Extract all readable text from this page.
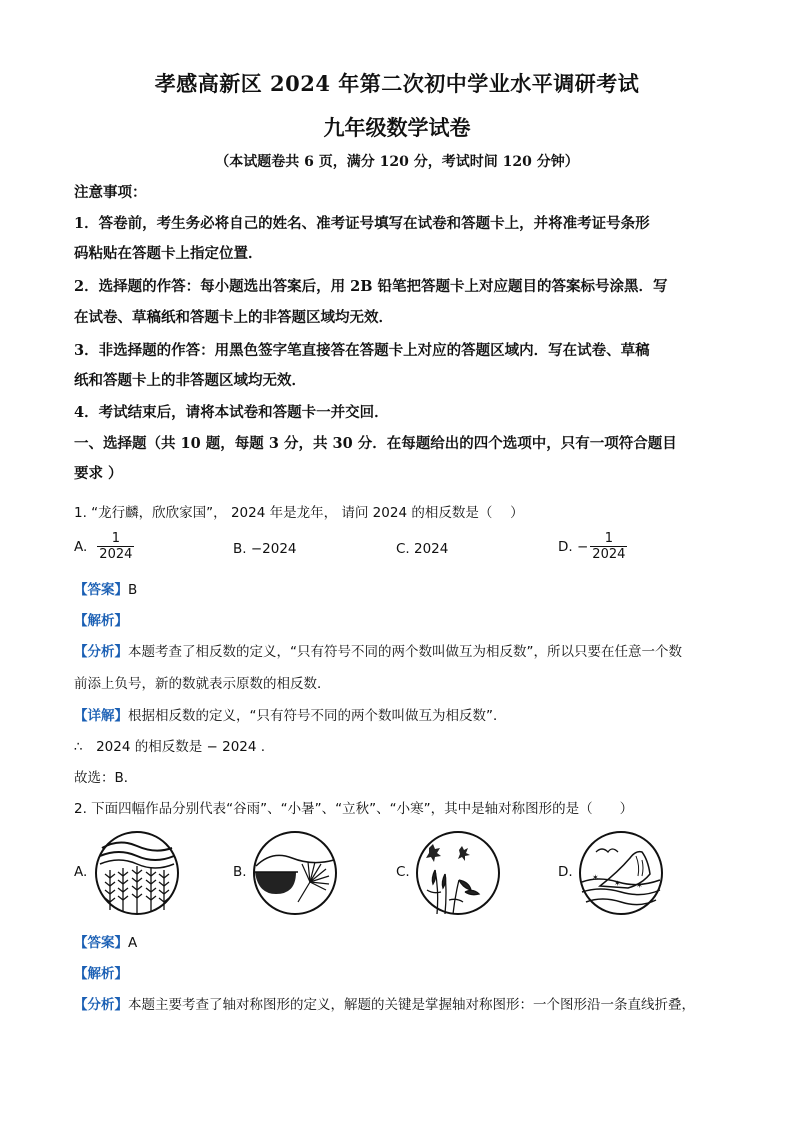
孝感高新区 2024 年第二次初中学业水平调研考试
九年级数学试卷
（本试题卷共 6 页，满分 120 分，考试时间 120 分钟）
注意事项：
1．答卷前，考生务必将自己的姓名、准考证号填写在试卷和答题卡上，并将准考证号条形
码粘贴在答题卡上指定位置．
2．选择题的作答：每小题选出答案后，用 2B 铅笔把答题卡上对应题目的答案标号涂黑．写
在试卷、草稿纸和答题卡上的非答题区域均无效．
3．非选择题的作答：用黑色签字笔直接答在答题卡上对应的答题区域内．写在试卷、草稿
纸和答题卡上的非答题区域均无效．
4．考试结束后，请将本试卷和答题卡一并交回．
一、选择题（共 10 题，每题 3 分，共 30 分．在每题给出的四个选项中，只有一项符合题目
要求 ）
1. “龙行麟，欣欣家国”， 2024 年是龙年， 请问 2024 的相反数是（　 ）
A. $\frac{1}{2024}$	B. −2024	C. 2024	D. − $\frac{1}{2024}$
【答案】B
【解析】
【分析】本题考查了相反数的定义，“只有符号不同的两个数叫做互为相反数”，所以只要在任意一个数
前添上负号，新的数就表示原数的相反数．
【详解】根据相反数的定义，“只有符号不同的两个数叫做互为相反数”．
∴　2024 的相反数是 − 2024 .
故选：B．
2. 下面四幅作品分别代表“谷雨”、“小暑”、“立秋”、“小寒”，其中是轴对称图形的是（　　）
A.	B.	C.	D. ✶
✶ ✶
【答案】A
【解析】
【分析】本题主要考查了轴对称图形的定义，解题的关键是掌握轴对称图形：一个图形沿一条直线折叠，
